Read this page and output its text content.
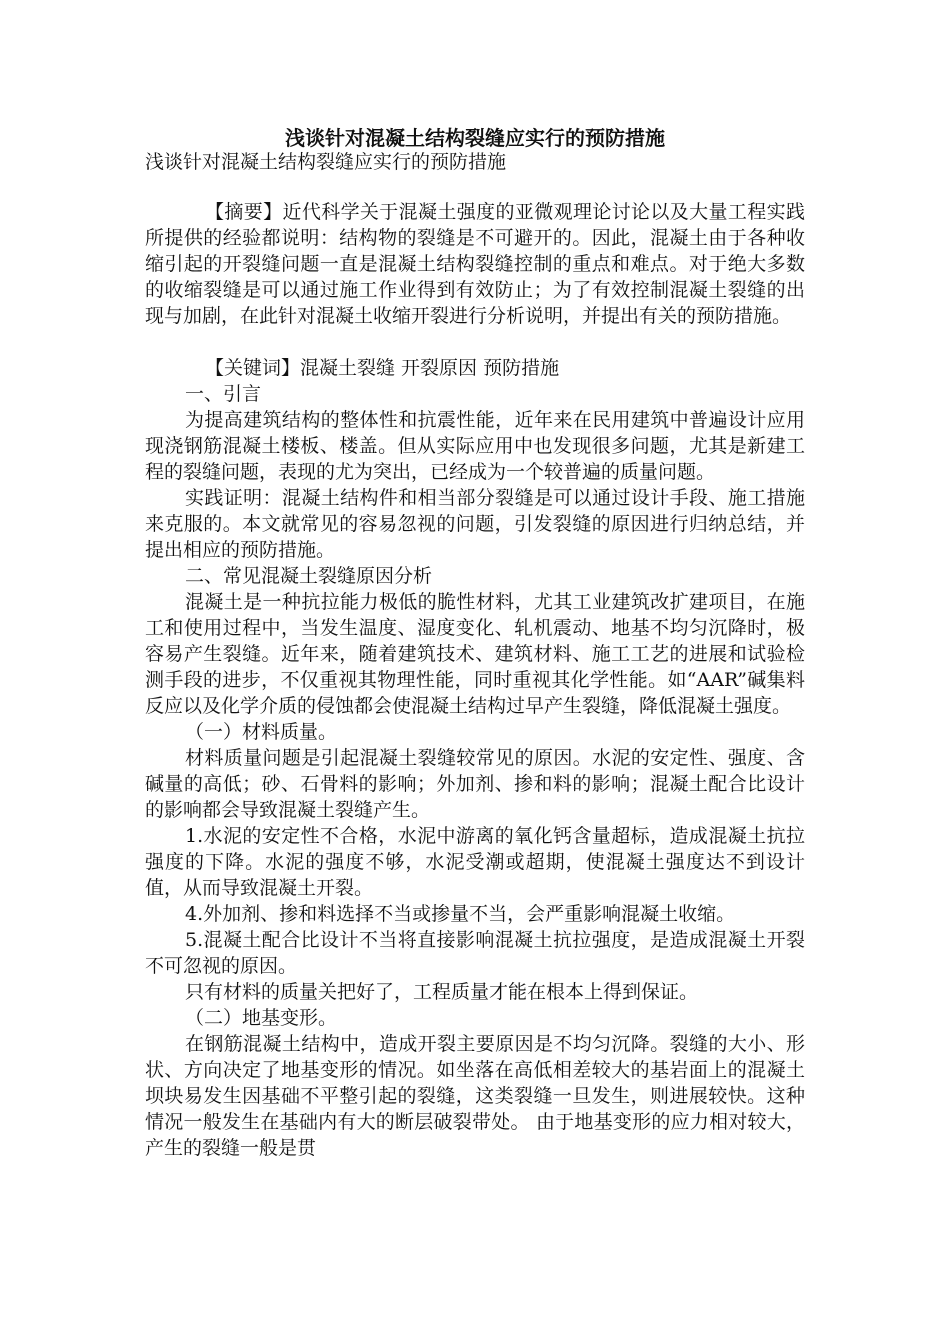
浅谈针对混凝土结构裂缝应实行的预防措施
浅谈针对混凝土结构裂缝应实行的预防措施

【摘要】近代科学关于混凝土强度的亚微观理论讨论以及大量工程实践所提供的经验都说明：结构物的裂缝是不可避开的。因此，混凝土由于各种收缩引起的开裂缝问题一直是混凝土结构裂缝控制的重点和难点。对于绝大多数的收缩裂缝是可以通过施工作业得到有效防止；为了有效控制混凝土裂缝的出现与加剧，在此针对混凝土收缩开裂进行分析说明，并提出有关的预防措施。

【关键词】混凝土裂缝 开裂原因 预防措施

一、引言

为提高建筑结构的整体性和抗震性能，近年来在民用建筑中普遍设计应用现浇钢筋混凝土楼板、楼盖。但从实际应用中也发现很多问题，尤其是新建工程的裂缝问题，表现的尤为突出，已经成为一个较普遍的质量问题。

实践证明：混凝土结构件和相当部分裂缝是可以通过设计手段、施工措施来克服的。本文就常见的容易忽视的问题，引发裂缝的原因进行归纳总结，并提出相应的预防措施。

二、常见混凝土裂缝原因分析

混凝土是一种抗拉能力极低的脆性材料，尤其工业建筑改扩建项目，在施工和使用过程中，当发生温度、湿度变化、轧机震动、地基不均匀沉降时，极容易产生裂缝。近年来，随着建筑技术、建筑材料、施工工艺的进展和试验检测手段的进步，不仅重视其物理性能，同时重视其化学性能。如“AAR”碱集料反应以及化学介质的侵蚀都会使混凝土结构过早产生裂缝，降低混凝土强度。

（一）材料质量。

材料质量问题是引起混凝土裂缝较常见的原因。水泥的安定性、强度、含碱量的高低；砂、石骨料的影响；外加剂、掺和料的影响；混凝土配合比设计的影响都会导致混凝土裂缝产生。

1.水泥的安定性不合格，水泥中游离的氧化钙含量超标，造成混凝土抗拉强度的下降。水泥的强度不够，水泥受潮或超期，使混凝土强度达不到设计值，从而导致混凝土开裂。

4.外加剂、掺和料选择不当或掺量不当，会严重影响混凝土收缩。

5.混凝土配合比设计不当将直接影响混凝土抗拉强度，是造成混凝土开裂不可忽视的原因。

只有材料的质量关把好了，工程质量才能在根本上得到保证。

（二）地基变形。

在钢筋混凝土结构中，造成开裂主要原因是不均匀沉降。裂缝的大小、形状、方向决定了地基变形的情况。如坐落在高低相差较大的基岩面上的混凝土坝块易发生因基础不平整引起的裂缝，这类裂缝一旦发生，则进展较快。这种情况一般发生在基础内有大的断层破裂带处。 由于地基变形的应力相对较大，产生的裂缝一般是贯
